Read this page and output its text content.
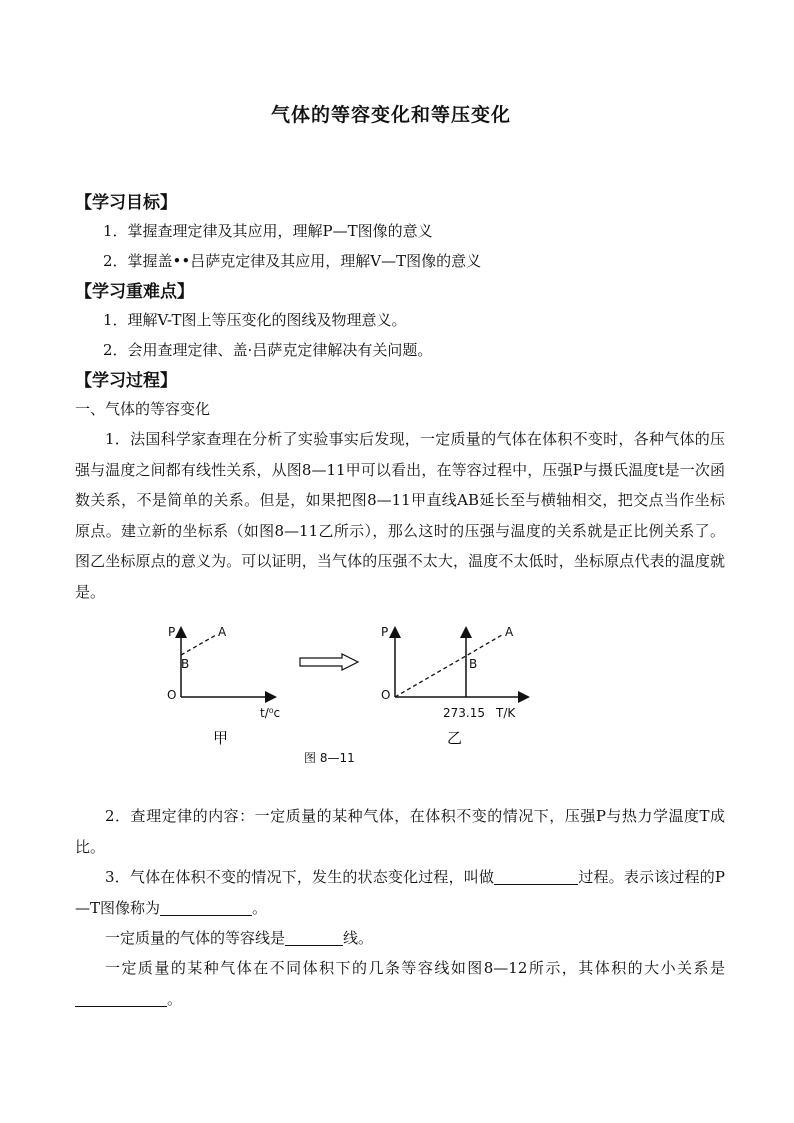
气体的等容变化和等压变化
【学习目标】
1．掌握查理定律及其应用，理解P—T图像的意义
2．掌握盖••吕萨克定律及其应用，理解V—T图像的意义
【学习重难点】
1．理解V-T图上等压变化的图线及物理意义。
2．会用查理定律、盖·吕萨克定律解决有关问题。
【学习过程】
一、气体的等容变化
1．法国科学家查理在分析了实验事实后发现，一定质量的气体在体积不变时，各种气体的压强与温度之间都有线性关系，从图8—11甲可以看出，在等容过程中，压强P与摄氏温度t是一次函数关系，不是简单的关系。但是，如果把图8—11甲直线AB延长至与横轴相交，把交点当作坐标原点。建立新的坐标系（如图8—11乙所示），那么这时的压强与温度的关系就是正比例关系了。图乙坐标原点的意义为。可以证明，当气体的压强不太大，温度不太低时，坐标原点代表的温度就是。
P	A
B
O
t/⁰c
甲
P	A
B
O
273.15 T/K
乙
图 8—11
2．查理定律的内容：一定质量的某种气体，在体积不变的情况下，压强P与热力学温度T成比。
3．气体在体积不变的情况下，发生的状态变化过程，叫做	过程。表示该过程的P—T图像称为	。
一定质量的气体的等容线是	线。
一定质量的某种气体在不同体积下的几条等容线如图8—12所示，其体积的大小关系是。
